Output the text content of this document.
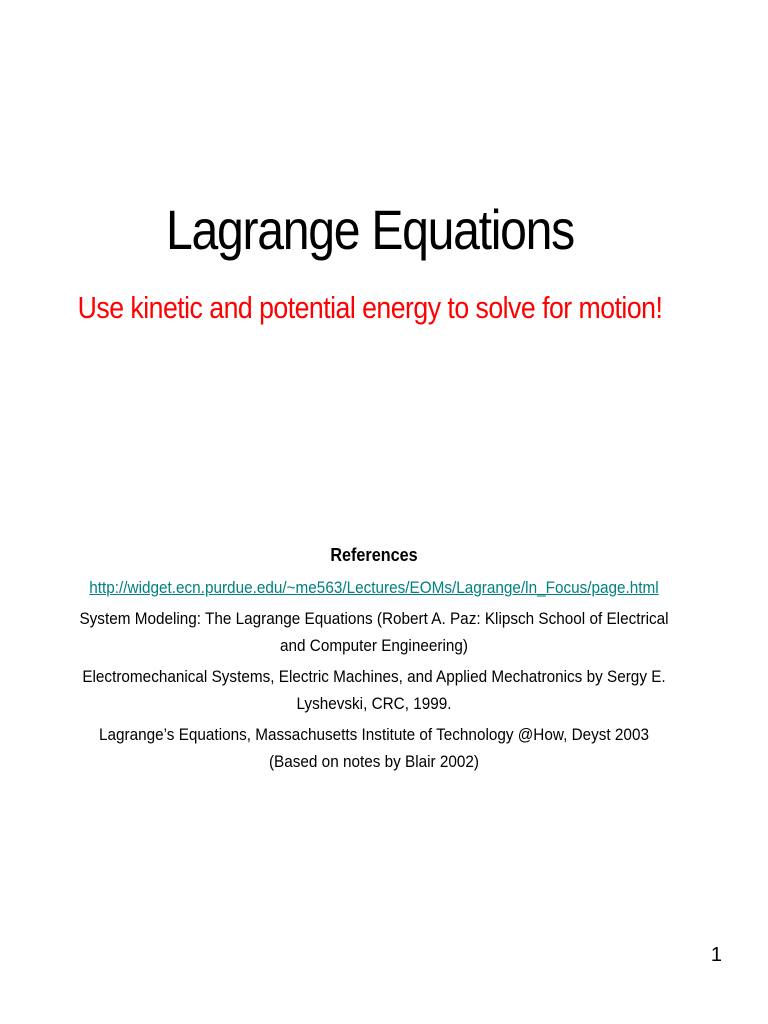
Lagrange Equations

Use kinetic and potential energy to solve for motion!

References
http://widget.ecn.purdue.edu/~me563/Lectures/EOMs/Lagrange/ln_Focus/page.html
System Modeling: The Lagrange Equations (Robert A. Paz: Klipsch School of Electrical and Computer Engineering)
Electromechanical Systems, Electric Machines, and Applied Mechatronics by Sergy E. Lyshevski, CRC, 1999.
Lagrange’s Equations, Massachusetts Institute of Technology @How, Deyst 2003 (Based on notes by Blair 2002)
1
